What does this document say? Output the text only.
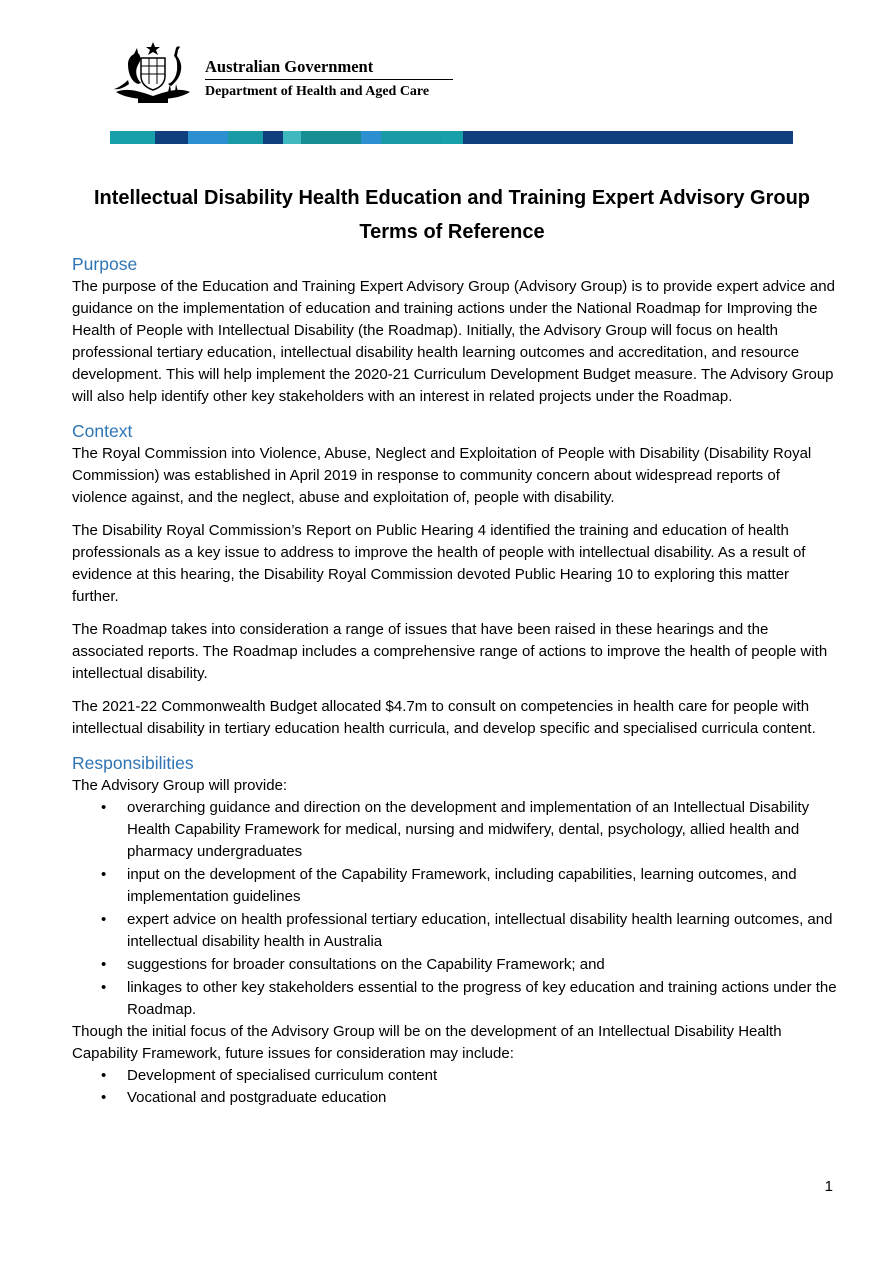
Australian Government
Department of Health and Aged Care
Intellectual Disability Health Education and Training Expert Advisory Group
Terms of Reference
Purpose

The purpose of the Education and Training Expert Advisory Group (Advisory Group) is to provide expert advice and guidance on the implementation of education and training actions under the National Roadmap for Improving the Health of People with Intellectual Disability (the Roadmap). Initially, the Advisory Group will focus on health professional tertiary education, intellectual disability health learning outcomes and accreditation, and resource development. This will help implement the 2020-21 Curriculum Development Budget measure. The Advisory Group will also help identify other key stakeholders with an interest in related projects under the Roadmap.

Context

The Royal Commission into Violence, Abuse, Neglect and Exploitation of People with Disability (Disability Royal Commission) was established in April 2019 in response to community concern about widespread reports of violence against, and the neglect, abuse and exploitation of, people with disability.

The Disability Royal Commission’s Report on Public Hearing 4 identified the training and education of health professionals as a key issue to address to improve the health of people with intellectual disability. As a result of evidence at this hearing, the Disability Royal Commission devoted Public Hearing 10 to exploring this matter further.

The Roadmap takes into consideration a range of issues that have been raised in these hearings and the associated reports. The Roadmap includes a comprehensive range of actions to improve the health of people with intellectual disability.

The 2021-22 Commonwealth Budget allocated $4.7m to consult on competencies in health care for people with intellectual disability in tertiary education health curricula, and develop specific and specialised curricula content.

Responsibilities

The Advisory Group will provide:

• overarching guidance and direction on the development and implementation of an Intellectual Disability Health Capability Framework for medical, nursing and midwifery, dental, psychology, allied health and pharmacy undergraduates
• input on the development of the Capability Framework, including capabilities, learning outcomes, and implementation guidelines
• expert advice on health professional tertiary education, intellectual disability health learning outcomes, and intellectual disability health in Australia
• suggestions for broader consultations on the Capability Framework; and
• linkages to other key stakeholders essential to the progress of key education and training actions under the Roadmap.

Though the initial focus of the Advisory Group will be on the development of an Intellectual Disability Health Capability Framework, future issues for consideration may include:

• Development of specialised curriculum content
• Vocational and postgraduate education
1
